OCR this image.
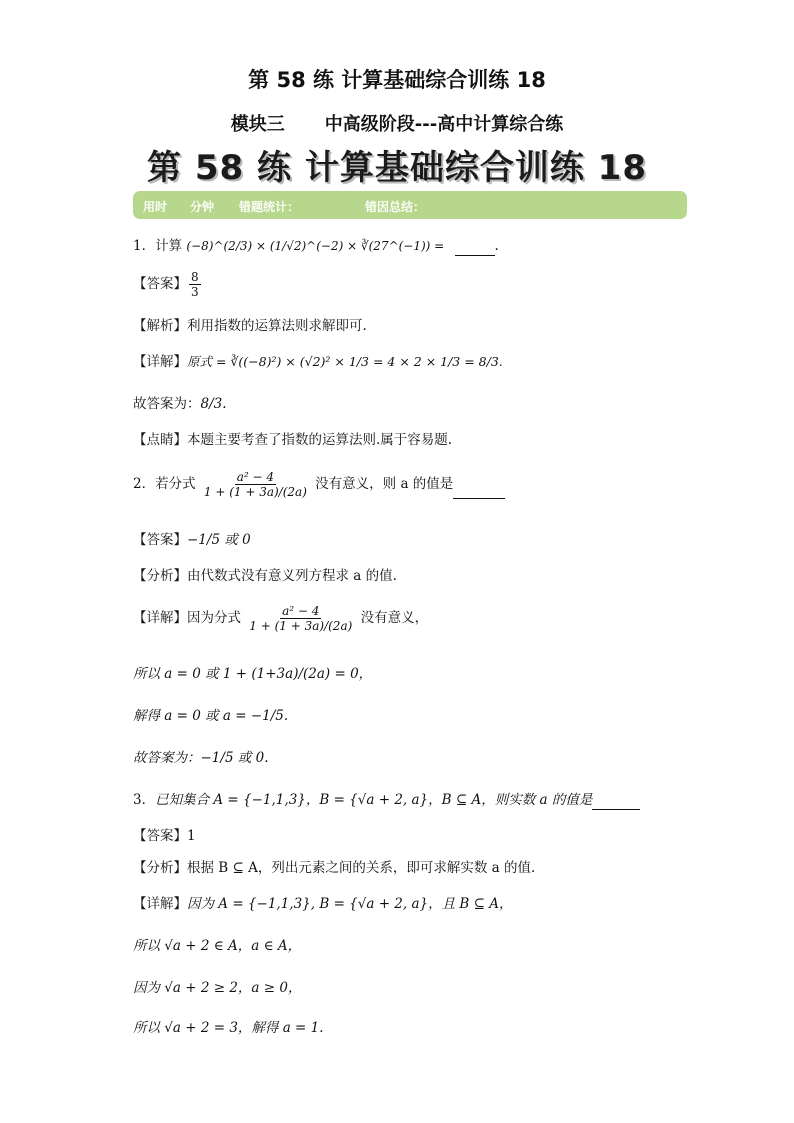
第 58 练 计算基础综合训练 18
模块三 中高级阶段---高中计算综合练
第 58 练 计算基础综合训练 18
用时 分钟 错题统计：	错因总结：
1．计算 (−8)^(2/3) × (1/√2)^(−2) × ∛(27^(−1)) =	.
【答案】 $\frac{8}{3}$
【解析】利用指数的运算法则求解即可.
【详解】原式 = ∛((−8)²) × (√2)² × 1/3 = 4 × 2 × 1/3 = 8/3.
故答案为：8/3.
【点睛】本题主要考查了指数的运算法则.属于容易题.
2．若分式 $\frac{\text{a² − 4}}{1 + (1 + 3a)/(2a)}$ 没有意义，则 a 的值是
【答案】−1/5 或 0
【分析】由代数式没有意义列方程求 a 的值.
【详解】因为分式 $\frac{\text{a² − 4}}{1 + (1 + 3a)/(2a)}$ 没有意义，
所以 a = 0 或 1 + (1+3a)/(2a) = 0，
解得 a = 0 或 a = −1/5.
故答案为：−1/5 或 0.
3．已知集合 A = {−1,1,3}，B = {√a + 2, a}，B ⊆ A，则实数 a 的值是
【答案】1
【分析】根据 B ⊆ A，列出元素之间的关系，即可求解实数 a 的值.
【详解】因为 A = {−1,1,3}, B = {√a + 2, a}，且 B ⊆ A，
所以 √a + 2 ∈ A，a ∈ A，
因为 √a + 2 ≥ 2，a ≥ 0，
所以 √a + 2 = 3，解得 a = 1.
